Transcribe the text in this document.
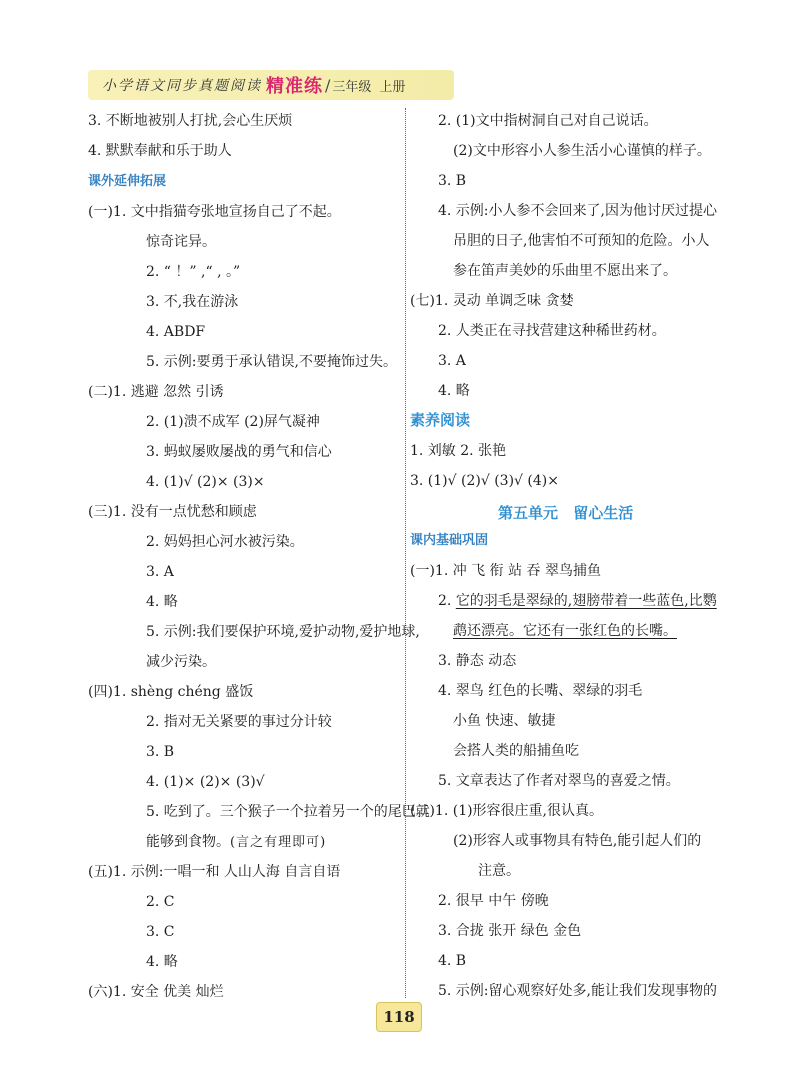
小学语文同步真题阅读 精准练 / 三年级 上册
3. 不断地被别人打扰,会心生厌烦
4. 默默奉献和乐于助人
课外延伸拓展
(一)1. 文中指猫夸张地宣扬自己了不起。
惊奇诧异。
2. “ ！” ,“ , 。”
3. 不,我在游泳
4. ABDF
5. 示例:要勇于承认错误,不要掩饰过失。
(二)1. 逃避 忽然 引诱
2. (1)溃不成军 (2)屏气凝神
3. 蚂蚁屡败屡战的勇气和信心
4. (1)√ (2)× (3)×
(三)1. 没有一点忧愁和顾虑
2. 妈妈担心河水被污染。
3. A
4. 略
5. 示例:我们要保护环境,爱护动物,爱护地球,
减少污染。
(四)1. shèng chéng 盛饭
2. 指对无关紧要的事过分计较
3. B
4. (1)× (2)× (3)√
5. 吃到了。三个猴子一个拉着另一个的尾巴就
能够到食物。(言之有理即可)
(五)1. 示例:一唱一和 人山人海 自言自语
2. C
3. C
4. 略
(六)1. 安全 优美 灿烂
2. (1)文中指树洞自己对自己说话。
(2)文中形容小人参生活小心谨慎的样子。
3. B
4. 示例:小人参不会回来了,因为他讨厌过提心
吊胆的日子,他害怕不可预知的危险。小人
参在笛声美妙的乐曲里不愿出来了。
(七)1. 灵动 单调乏味 贪婪
2. 人类正在寻找营建这种稀世药材。
3. A
4. 略
素养阅读
1. 刘敏 2. 张艳
3. (1)√ (2)√ (3)√ (4)×
第五单元 留心生活
课内基础巩固
(一)1. 冲 飞 衔 站 吞 翠鸟捕鱼
2. 它的羽毛是翠绿的,翅膀带着一些蓝色,比鹦
鹉还漂亮。它还有一张红色的长嘴。
3. 静态 动态
4. 翠鸟 红色的长嘴、翠绿的羽毛
小鱼 快速、敏捷
会搭人类的船捕鱼吃
5. 文章表达了作者对翠鸟的喜爱之情。
(二)1. (1)形容很庄重,很认真。
(2)形容人或事物具有特色,能引起人们的
注意。
2. 很早 中午 傍晚
3. 合拢 张开 绿色 金色
4. B
5. 示例:留心观察好处多,能让我们发现事物的
118
